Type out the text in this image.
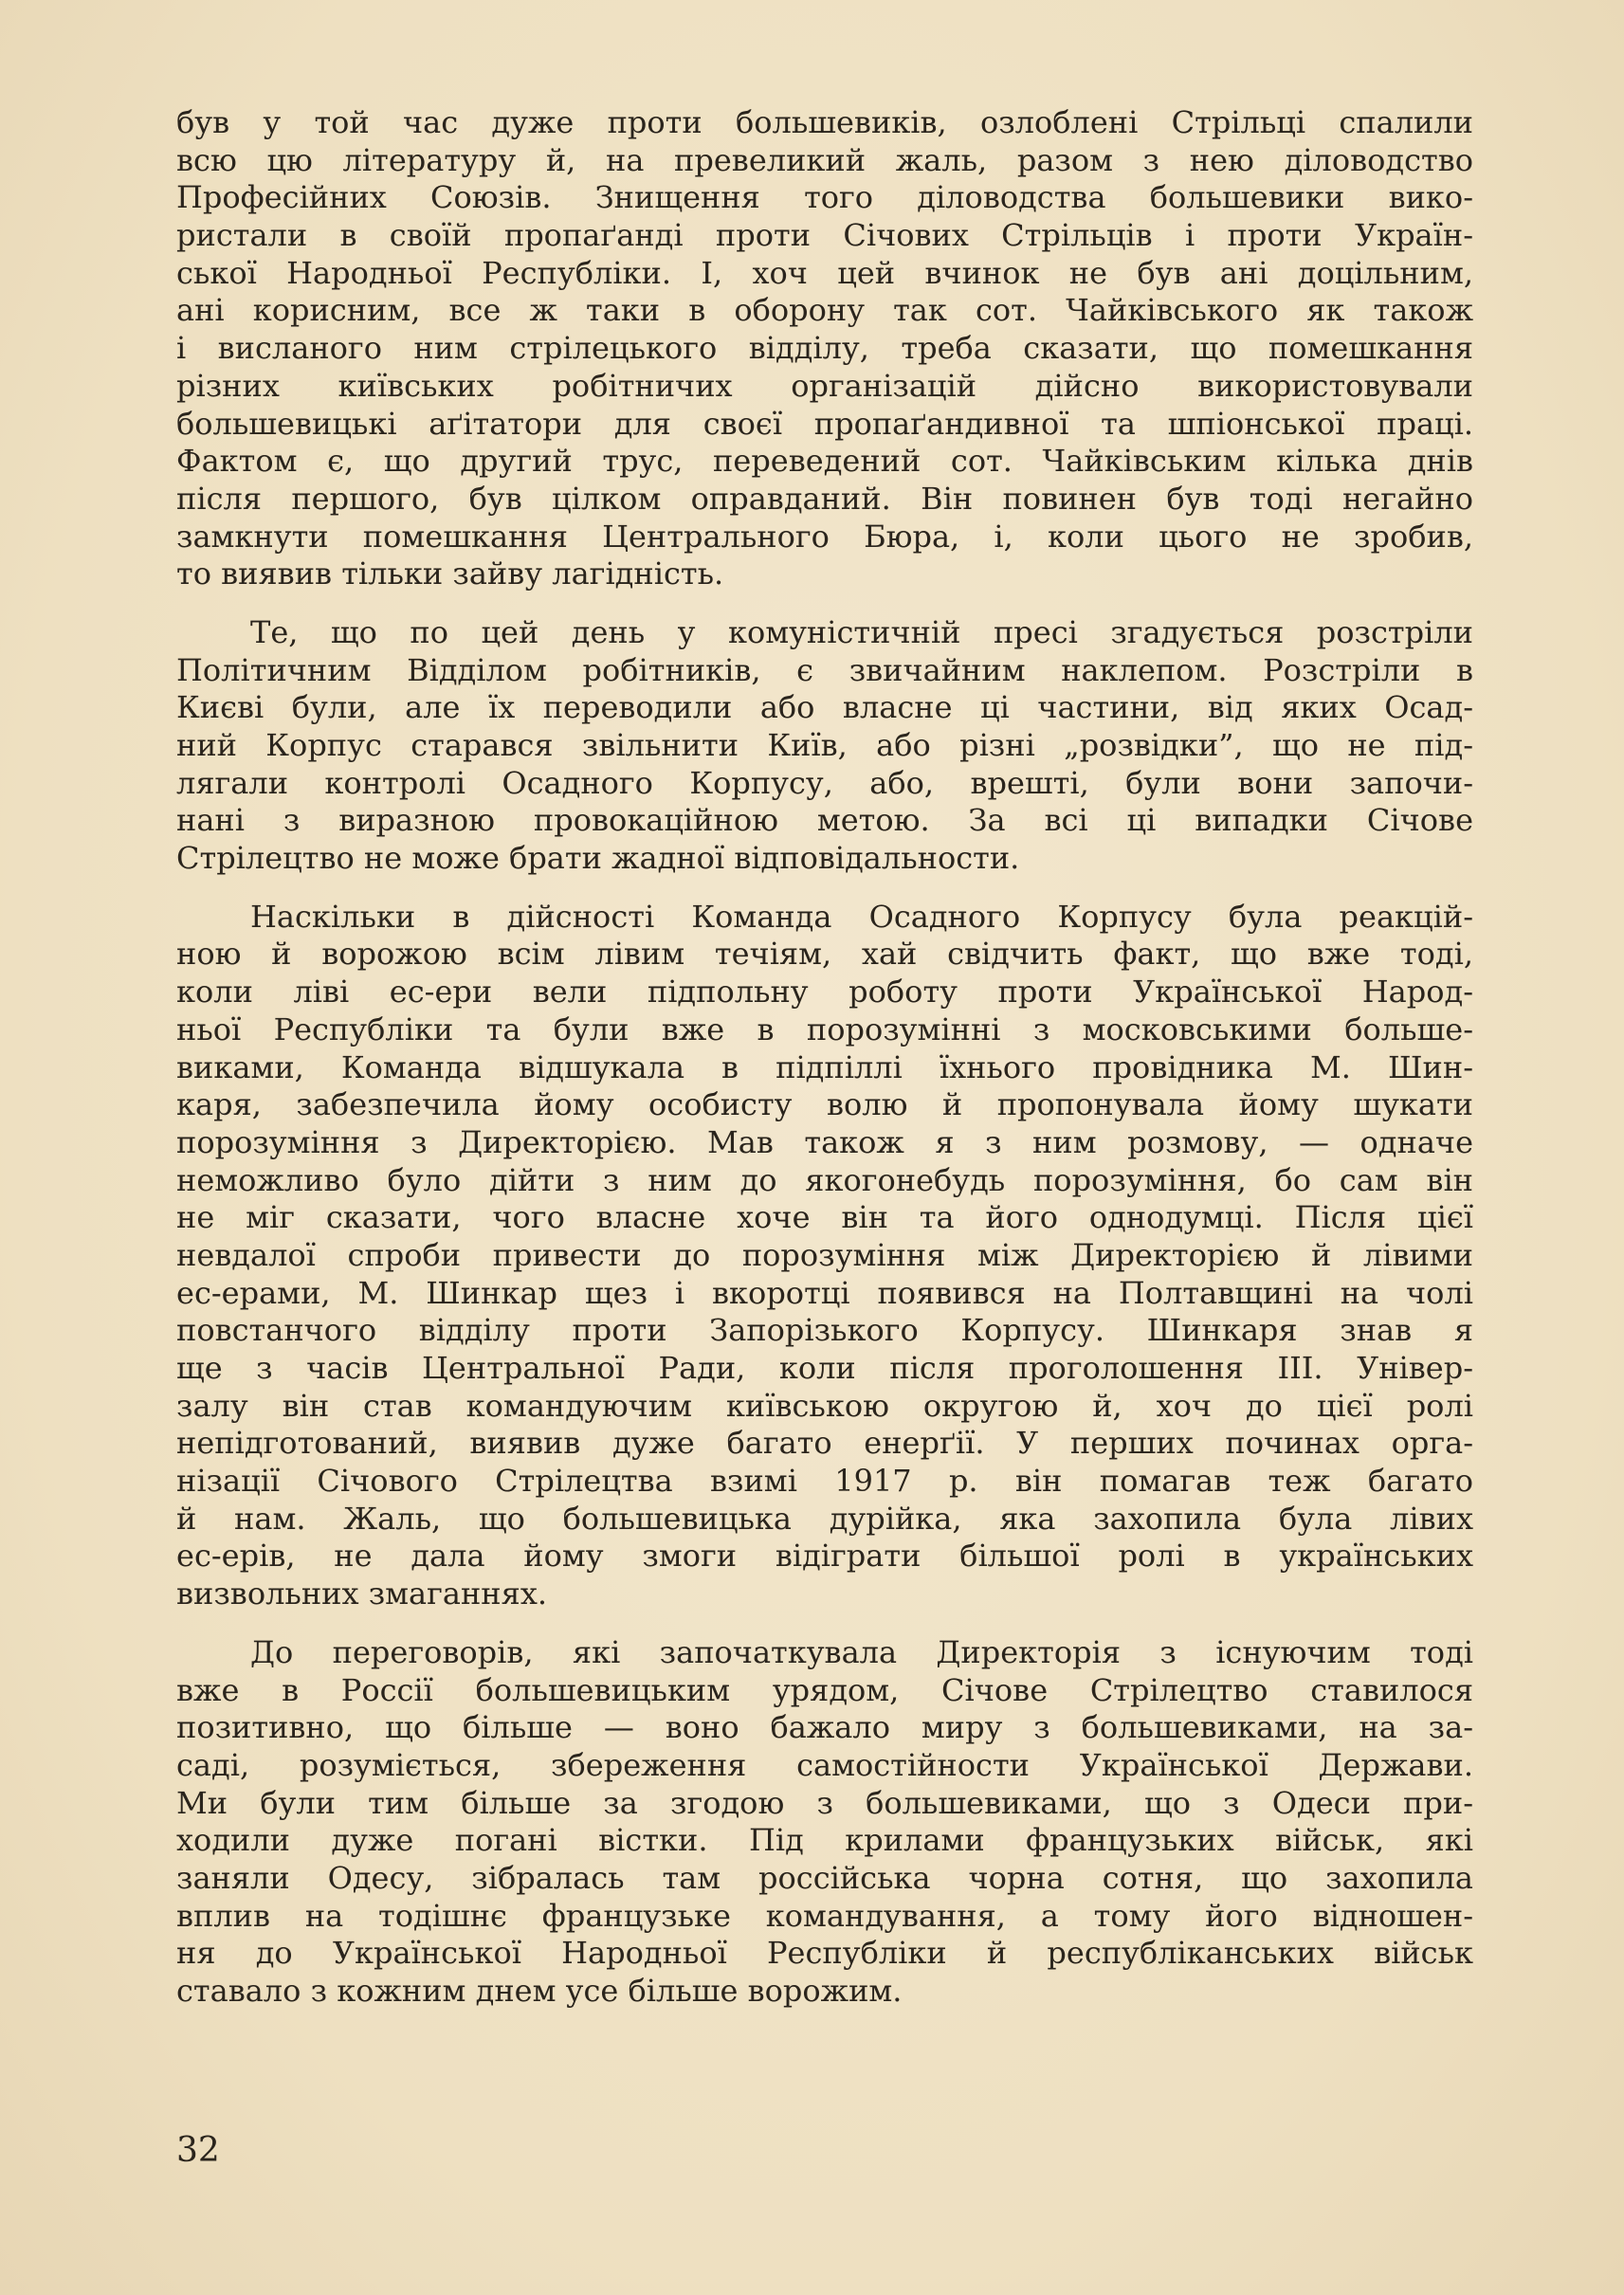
був у той час дуже проти большевиків, озлоблені Стрільці спалили
всю цю літературу й, на превеликий жаль, разом з нею діловодство
Професійних Союзів. Знищення того діловодства большевики вико-
ристали в своїй пропаґанді проти Січових Стрільців і проти Україн-
ської Народньої Республіки. І, хоч цей вчинок не був ані доцільним,
ані корисним, все ж таки в оборону так сот. Чайківського як також
і висланого ним стрілецького відділу, треба сказати, що помешкання
різних київських робітничих організацій дійсно використовували
большевицькі аґітатори для своєї пропаґандивної та шпіонської праці.
Фактом є, що другий трус, переведений сот. Чайківським кілька днів
після першого, був цілком оправданий. Він повинен був тоді негайно
замкнути помешкання Центрального Бюра, і, коли цього не зробив,
то виявив тільки зайву лагідність.
Те, що по цей день у комуністичній пресі згадується розстріли
Політичним Відділом робітників, є звичайним наклепом. Розстріли в
Києві були, але їх переводили або власне ці частини, від яких Осад-
ний Корпус старався звільнити Київ, або різні „розвідки”, що не під-
лягали контролі Осадного Корпусу, або, врешті, були вони започи-
нані з виразною провокаційною метою. За всі ці випадки Січове
Стрілецтво не може брати жадної відповідальности.
Наскільки в дійсності Команда Осадного Корпусу була реакцій-
ною й ворожою всім лівим течіям, хай свідчить факт, що вже тоді,
коли ліві ес-ери вели підпольну роботу проти Української Народ-
ньої Республіки та були вже в порозумінні з московськими больше-
виками, Команда відшукала в підпіллі їхнього провідника М. Шин-
каря, забезпечила йому особисту волю й пропонувала йому шукати
порозуміння з Директорією. Мав також я з ним розмову, — одначе
неможливо було дійти з ним до якогонебудь порозуміння, бо сам він
не міг сказати, чого власне хоче він та його однодумці. Після цієї
невдалої спроби привести до порозуміння між Директорією й лівими
ес-ерами, М. Шинкар щез і вкоротці появився на Полтавщині на чолі
повстанчого відділу проти Запорізького Корпусу. Шинкаря знав я
ще з часів Центральної Ради, коли після проголошення III. Універ-
залу він став командуючим київською округою й, хоч до цієї ролі
непідготований, виявив дуже багато енерґії. У перших починах орга-
нізації Січового Стрілецтва взимі 1917 р. він помагав теж багато
й нам. Жаль, що большевицька дурійка, яка захопила була лівих
ес-ерів, не дала йому змоги відіграти більшої ролі в українських
визвольних змаганнях.
До переговорів, які започаткувала Директорія з існуючим тоді
вже в Россії большевицьким урядом, Січове Стрілецтво ставилося
позитивно, що більше — воно бажало миру з большевиками, на за-
саді, розуміється, збереження самостійности Української Держави.
Ми були тим більше за згодою з большевиками, що з Одеси при-
ходили дуже погані вістки. Під крилами французьких військ, які
заняли Одесу, зібралась там россійська чорна сотня, що захопила
вплив на тодішнє французьке командування, а тому його відношен-
ня до Української Народньої Республіки й республіканських військ
ставало з кожним днем усе більше ворожим.
32
